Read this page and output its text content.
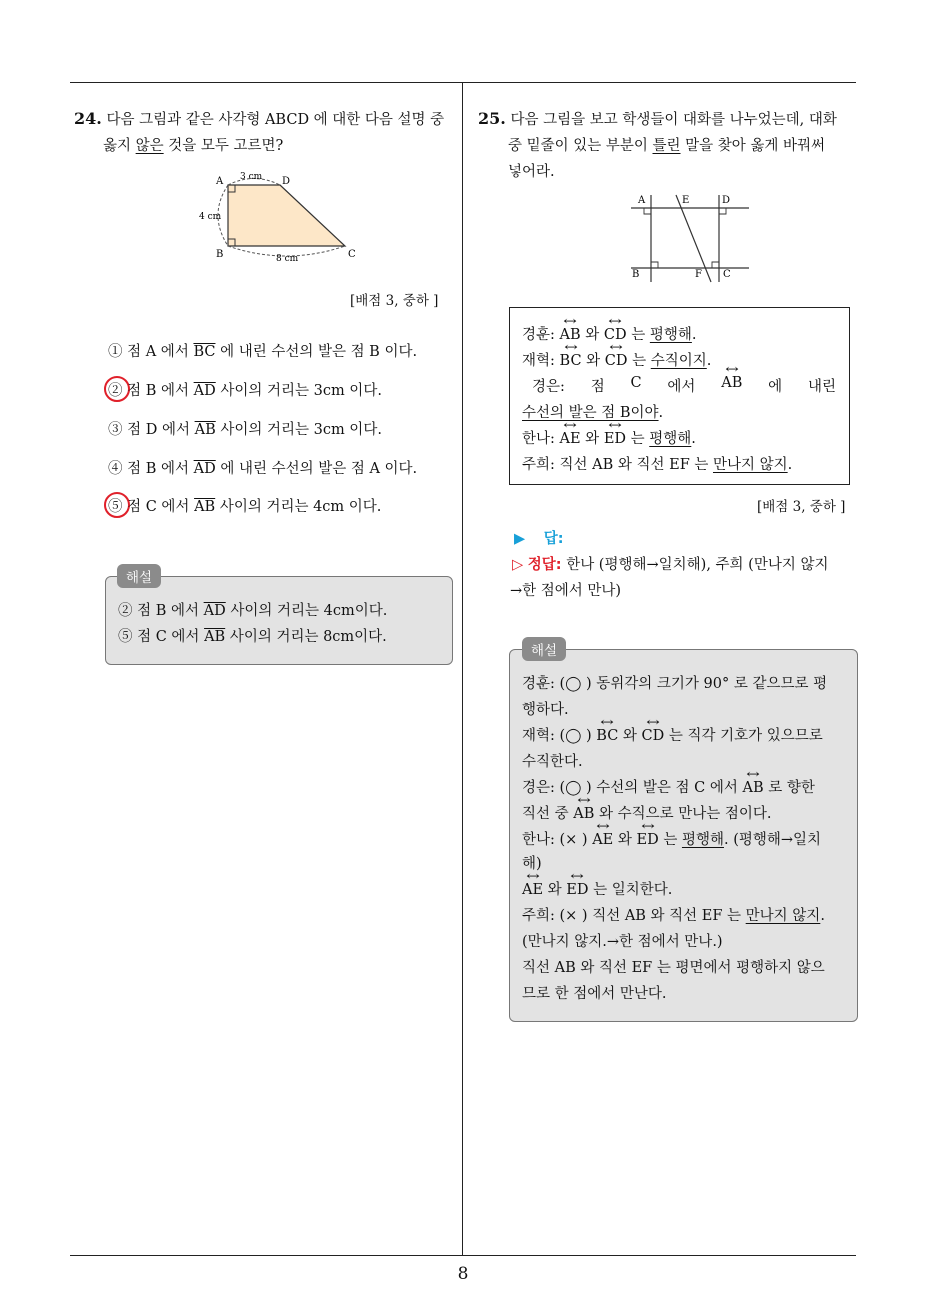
8
24. 다음 그림과 같은 사각형 ABCD 에 대한 다음 설명 중
옳지 않은 것을 모두 고르면?
A	D
B	C
3 cm
4 cm
8 cm
[배점 3, 중하 ]
① 점 A 에서 $\overline{BC}$ 에 내린 수선의 발은 점 B 이다.
② 점 B 에서 $\overline{AD}$ 사이의 거리는 3cm 이다.
③ 점 D 에서 $\overline{AB}$ 사이의 거리는 3cm 이다.
④ 점 B 에서 $\overline{AD}$ 에 내린 수선의 발은 점 A 이다.
⑤ 점 C 에서 $\overline{AB}$ 사이의 거리는 4cm 이다.
해설
② 점 B 에서 $\overline{AD}$ 사이의 거리는 4cm이다.
⑤ 점 C 에서 $\overline{AB}$ 사이의 거리는 8cm이다.
25. 다음 그림을 보고 학생들이 대화를 나누었는데, 대화
중 밑줄이 있는 부분이 틀린 말을 찾아 옳게 바꿔써
넣어라.
A	E	D
B	F C
경훈: ↔ AB 와 ↔ CD 는 평행해.
재혁: ↔ BC 와 ↔ CD 는 수직이지.
경은: 점 C 에서 ↔ AB 에 내린
수선의 발은 점 B이야.
한나: ↔ AE 와 ↔ ED 는 평행해.
주희: 직선 AB 와 직선 EF 는 만나지 않지.
[배점 3, 중하 ]
▶ 답:
▷ 정답: 한나 (평행해→일치해), 주희 (만나지 않지
→한 점에서 만나)
해설
경훈: (◯ ) 동위각의 크기가 90° 로 같으므로 평
행하다.
재혁: (◯ ) ↔ BC 와 ↔ CD 는 직각 기호가 있으므로
수직한다.
경은: (◯ ) 수선의 발은 점 C 에서 ↔ AB 로 향한
직선 중 ↔ AB 와 수직으로 만나는 점이다.
한나: (× ) ↔ AE 와 ↔ ED 는 평행해. (평행해→일치
해)
↔ AE 와 ↔ ED 는 일치한다.
주희: (× ) 직선 AB 와 직선 EF 는 만나지 않지.
(만나지 않지.→한 점에서 만나.)
직선 AB 와 직선 EF 는 평면에서 평행하지 않으
므로 한 점에서 만난다.
